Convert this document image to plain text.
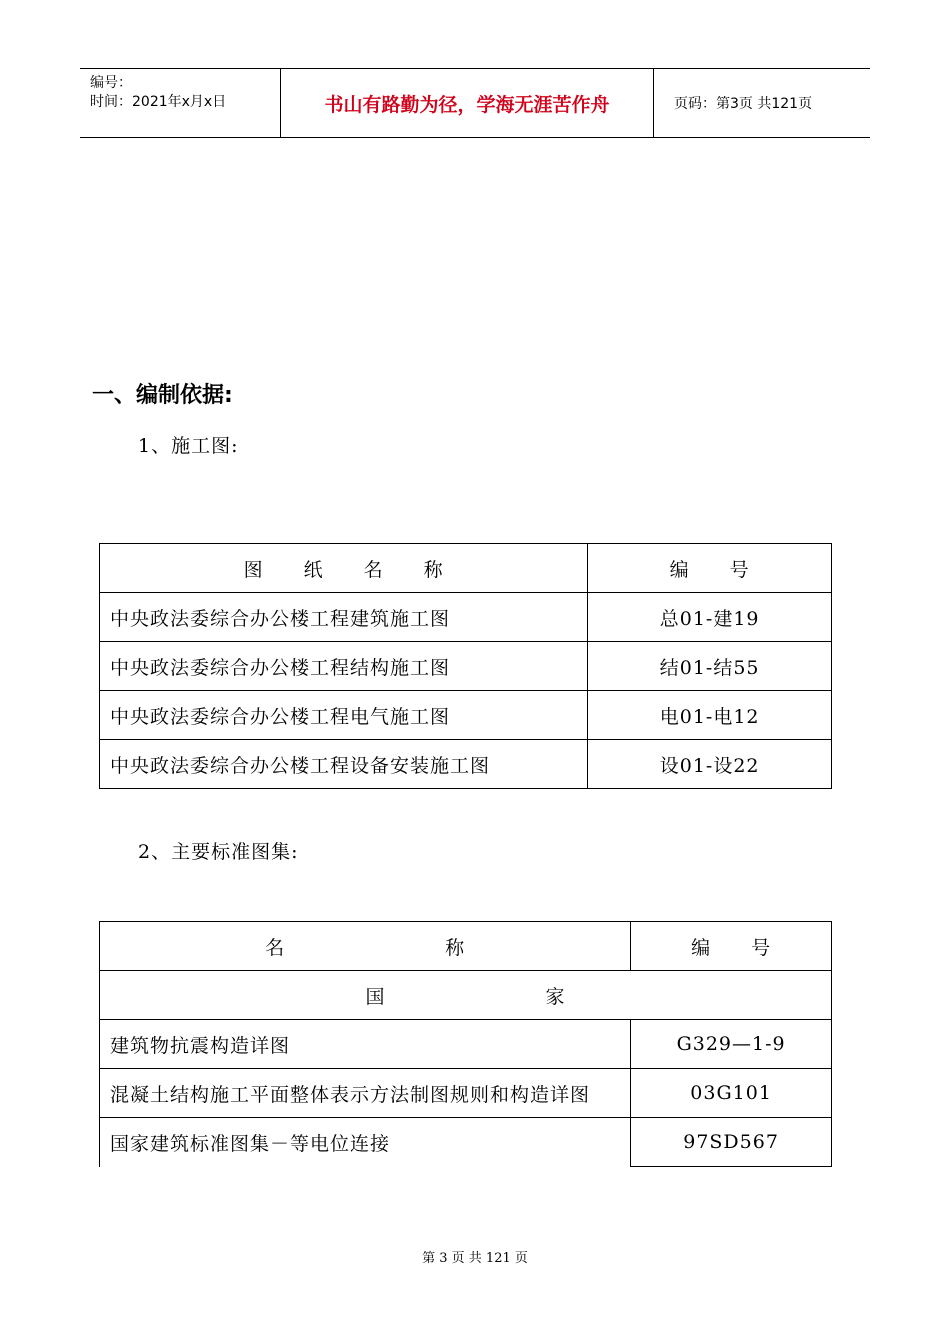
编号：
时间：2021年x月x日	书山有路勤为径，学海无涯苦作舟	页码：第3页 共121页
一、编制依据:
1、施工图:
图　　纸　　名　　称	编　　号
中央政法委综合办公楼工程建筑施工图	总01-建19
中央政法委综合办公楼工程结构施工图	结01-结55
中央政法委综合办公楼工程电气施工图	电01-电12
中央政法委综合办公楼工程设备安装施工图	设01-设22
2、主要标准图集:
名　　　　　　　　称	编　　号
国　　　　　　　　家	
建筑物抗震构造详图	G329—1-9
混凝土结构施工平面整体表示方法制图规则和构造详图	03G101
国家建筑标准图集－等电位连接	97SD567
第 3 页 共 121 页
